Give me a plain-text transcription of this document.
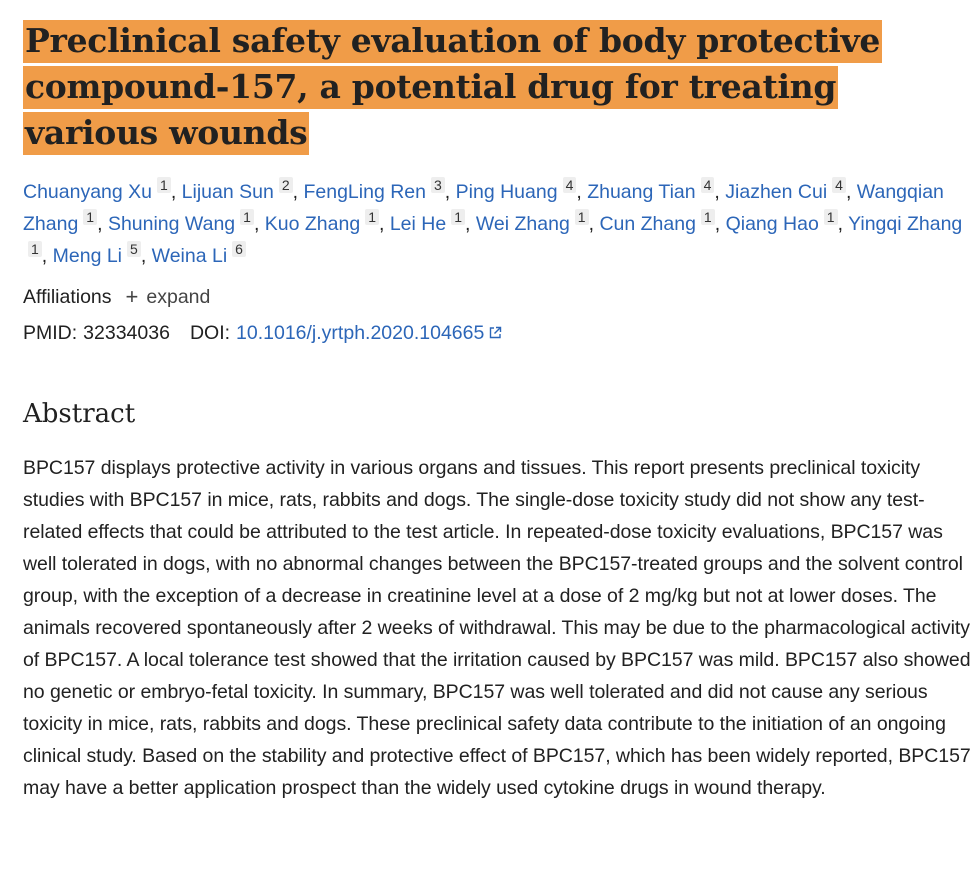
Preclinical safety evaluation of body protective compound-157, a potential drug for treating various wounds
Chuanyang Xu 1 , Lijuan Sun 2 , FengLing Ren 3 , Ping Huang 4 , Zhuang Tian 4 , Jiazhen Cui 4 , Wangqian Zhang 1 , Shuning Wang 1 , Kuo Zhang 1 , Lei He 1 , Wei Zhang 1 , Cun Zhang 1 , Qiang Hao 1 , Yingqi Zhang1 , Meng Li 5 , Weina Li 6
Affiliations + expand
PMID: 32334036 DOI: 10.1016/j.yrtph.2020.104665
Abstract
BPC157 displays protective activity in various organs and tissues. This report presents preclinical toxicity studies with BPC157 in mice, rats, rabbits and dogs. The single-dose toxicity study did not show any test-related effects that could be attributed to the test article. In repeated-dose toxicity evaluations, BPC157 was well tolerated in dogs, with no abnormal changes between the BPC157-treated groups and the solvent control group, with the exception of a decrease in creatinine level at a dose of 2 mg/kg but not at lower doses. The animals recovered spontaneously after 2 weeks of withdrawal. This may be due to the pharmacological activity of BPC157. A local tolerance test showed that the irritation caused by BPC157 was mild. BPC157 also showed no genetic or embryo-fetal toxicity. In summary, BPC157 was well tolerated and did not cause any serious toxicity in mice, rats, rabbits and dogs. These preclinical safety data contribute to the initiation of an ongoing clinical study. Based on the stability and protective effect of BPC157, which has been widely reported, BPC157 may have a better application prospect than the widely used cytokine drugs in wound therapy.
